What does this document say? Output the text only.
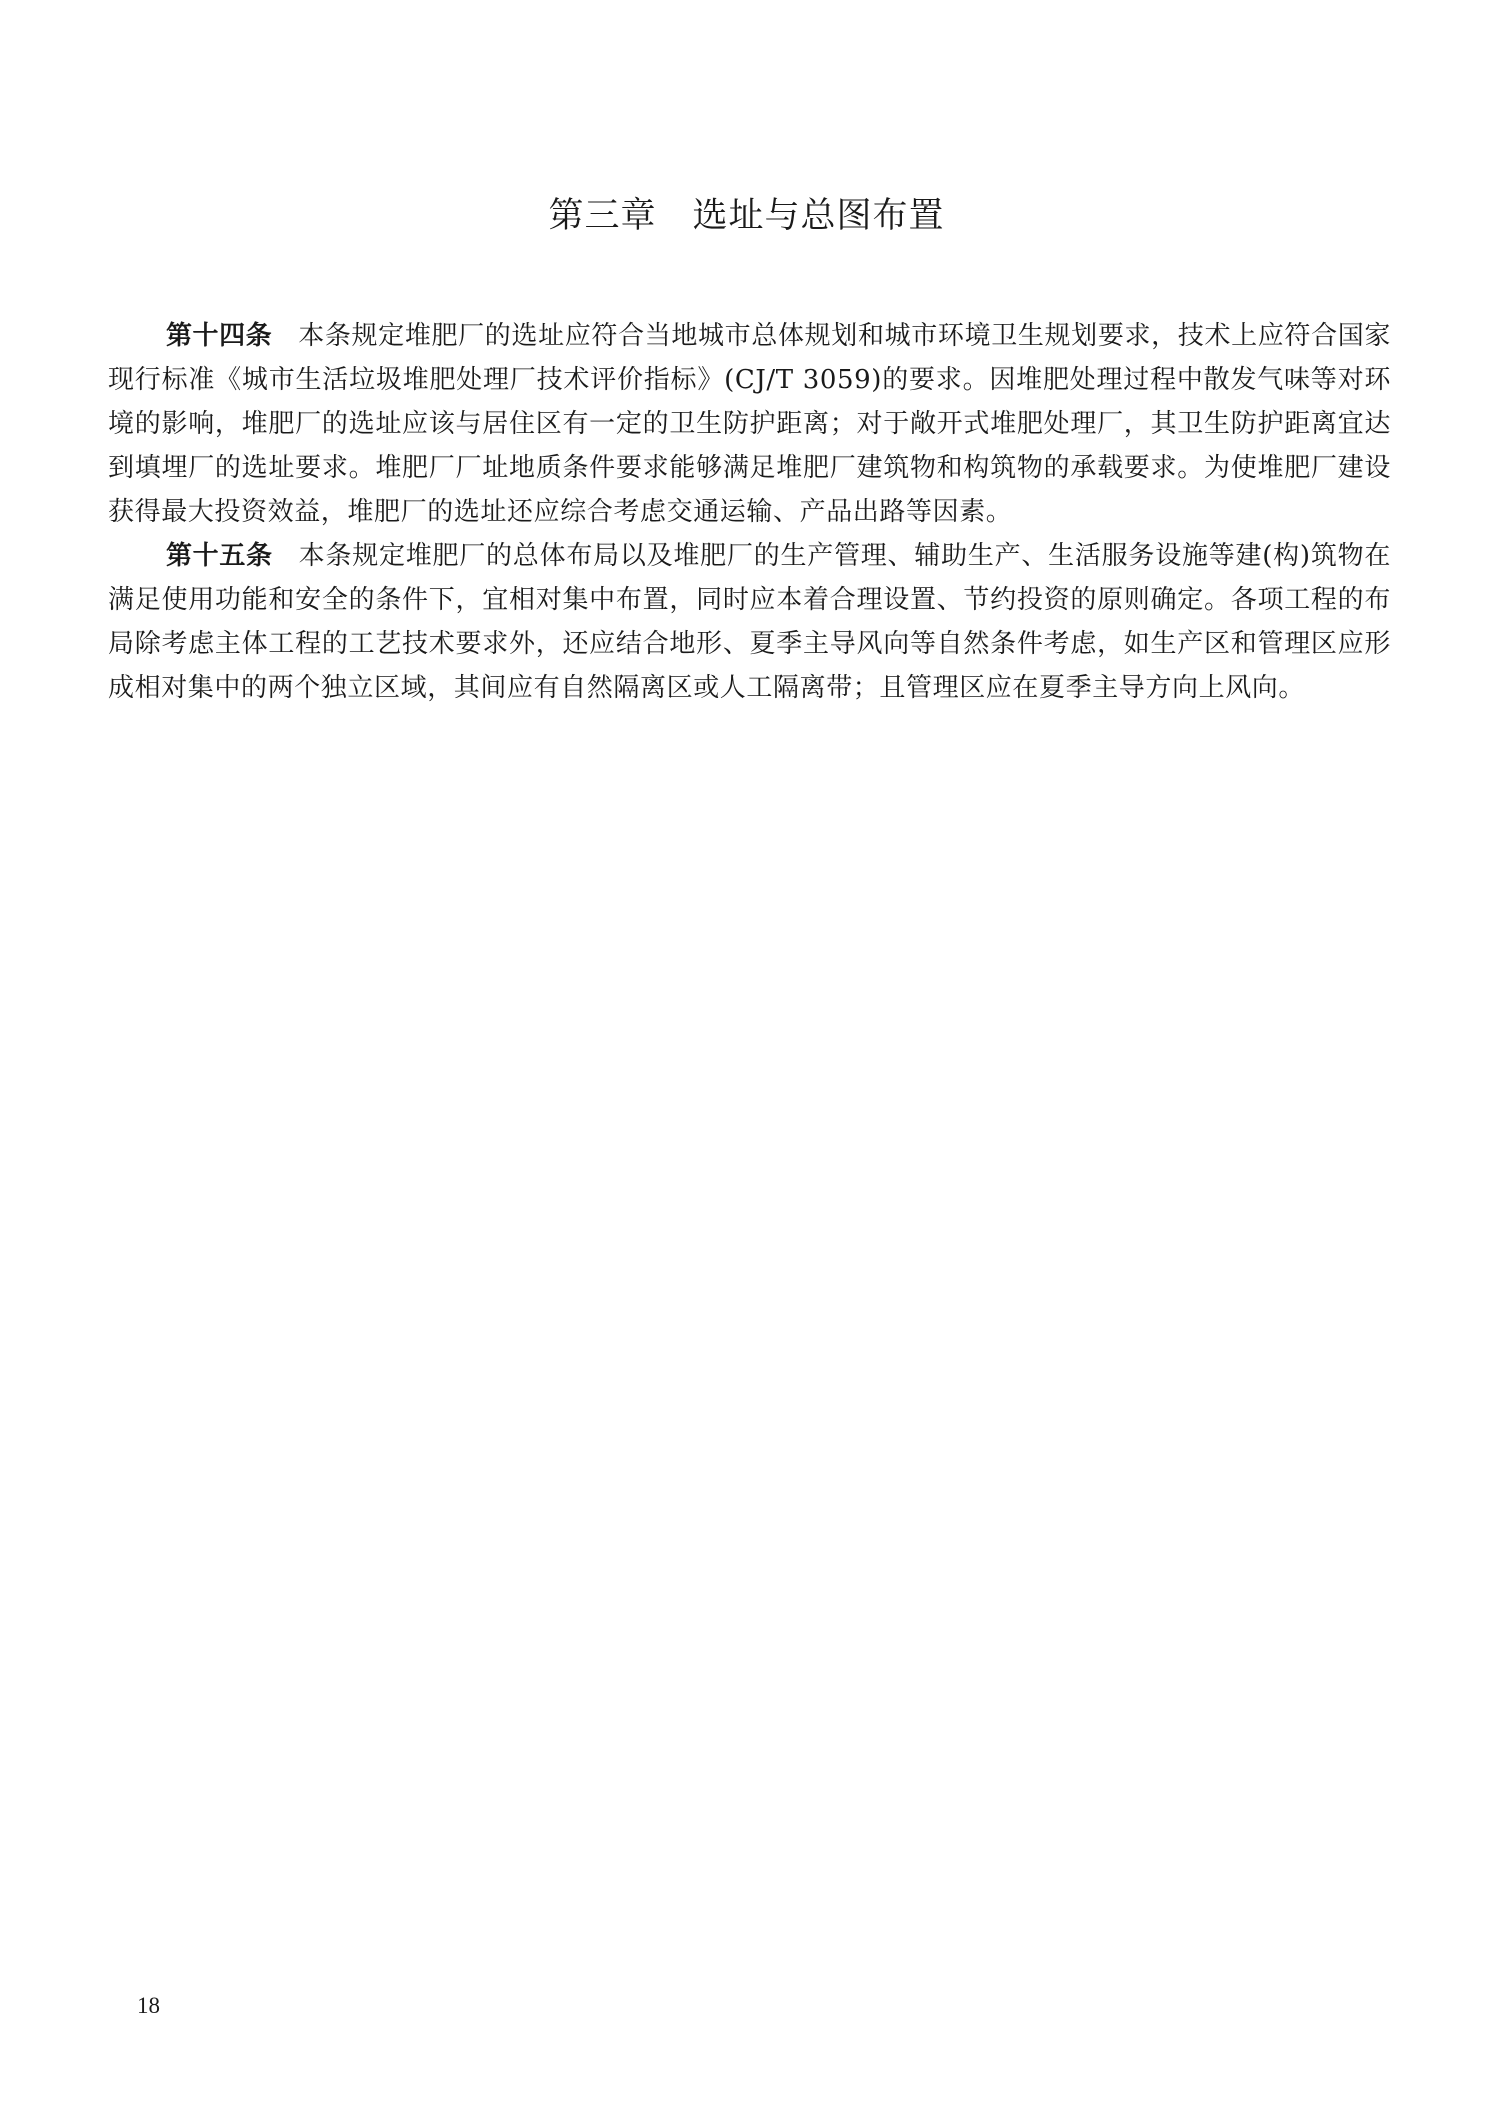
第三章　选址与总图布置

第十四条 本条规定堆肥厂的选址应符合当地城市总体规划和城市环境卫生规划要求，技术上应符合国家现行标准《城市生活垃圾堆肥处理厂技术评价指标》(CJ/T 3059)的要求。因堆肥处理过程中散发气味等对环境的影响，堆肥厂的选址应该与居住区有一定的卫生防护距离；对于敞开式堆肥处理厂，其卫生防护距离宜达到填埋厂的选址要求。堆肥厂厂址地质条件要求能够满足堆肥厂建筑物和构筑物的承载要求。为使堆肥厂建设获得最大投资效益，堆肥厂的选址还应综合考虑交通运输、产品出路等因素。

第十五条 本条规定堆肥厂的总体布局以及堆肥厂的生产管理、辅助生产、生活服务设施等建(构)筑物在满足使用功能和安全的条件下，宜相对集中布置，同时应本着合理设置、节约投资的原则确定。各项工程的布局除考虑主体工程的工艺技术要求外，还应结合地形、夏季主导风向等自然条件考虑，如生产区和管理区应形成相对集中的两个独立区域，其间应有自然隔离区或人工隔离带；且管理区应在夏季主导方向上风向。

18
